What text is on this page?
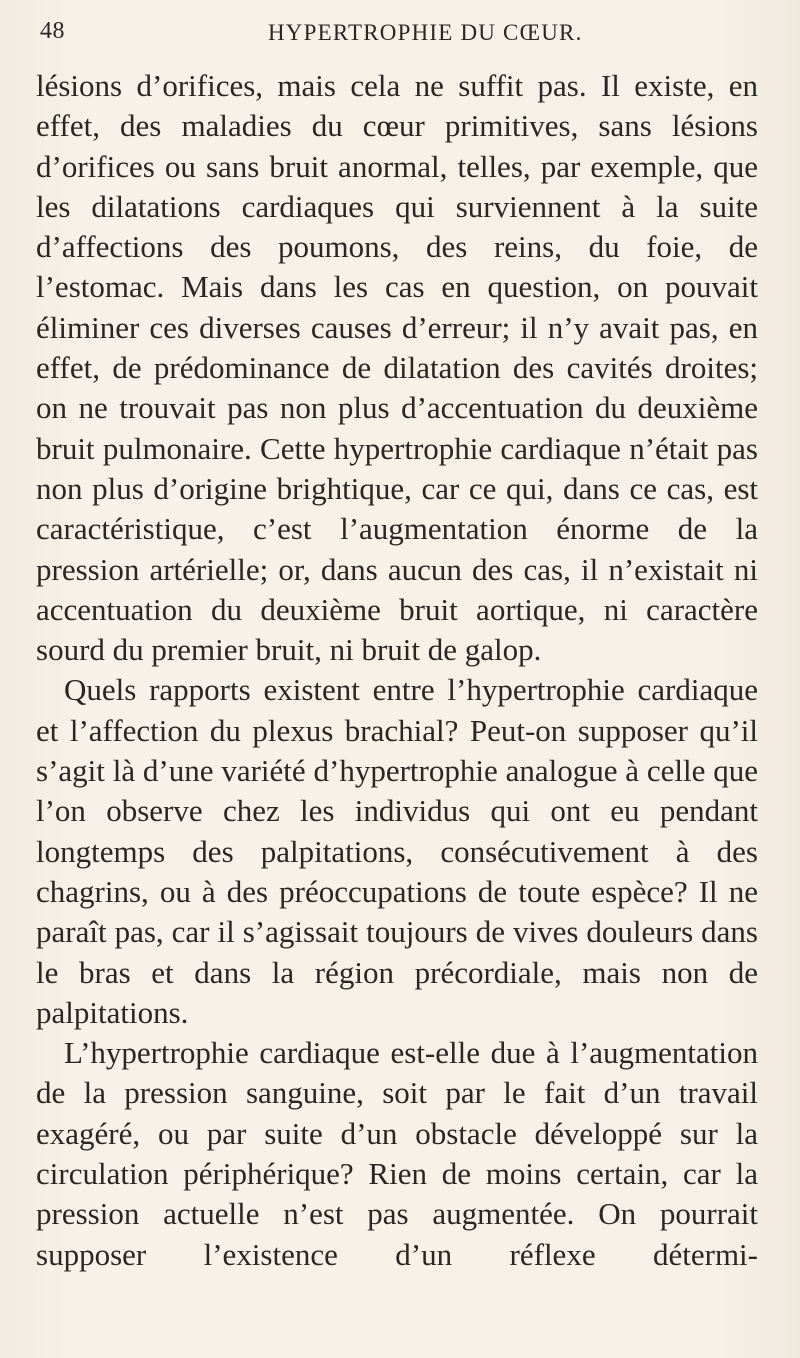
48	HYPERTROPHIE DU CŒUR.

lésions d’orifices, mais cela ne suffit pas. Il existe, en effet, des maladies du cœur primitives, sans lésions d’orifices ou sans bruit anormal, telles, par exemple, que les dilatations cardiaques qui surviennent à la suite d’affections des poumons, des reins, du foie, de l’estomac. Mais dans les cas en question, on pouvait éliminer ces diverses causes d’erreur; il n’y avait pas, en effet, de prédominance de dilatation des cavités droites; on ne trouvait pas non plus d’accentuation du deuxième bruit pulmonaire. Cette hypertrophie cardiaque n’était pas non plus d’origine brightique, car ce qui, dans ce cas, est caractéristique, c’est l’augmentation énorme de la pression artérielle; or, dans aucun des cas, il n’existait ni accentuation du deuxième bruit aortique, ni caractère sourd du premier bruit, ni bruit de galop.

Quels rapports existent entre l’hypertrophie cardiaque et l’affection du plexus brachial? Peut-on supposer qu’il s’agit là d’une variété d’hypertrophie analogue à celle que l’on observe chez les individus qui ont eu pendant longtemps des palpitations, consécutivement à des chagrins, ou à des préoccupations de toute espèce? Il ne paraît pas, car il s’agissait toujours de vives douleurs dans le bras et dans la région précordiale, mais non de palpitations.

L’hypertrophie cardiaque est-elle due à l’augmentation de la pression sanguine, soit par le fait d’un travail exagéré, ou par suite d’un obstacle développé sur la circulation périphérique? Rien de moins certain, car la pression actuelle n’est pas augmentée. On pourrait supposer l’existence d’un réflexe détermi-
